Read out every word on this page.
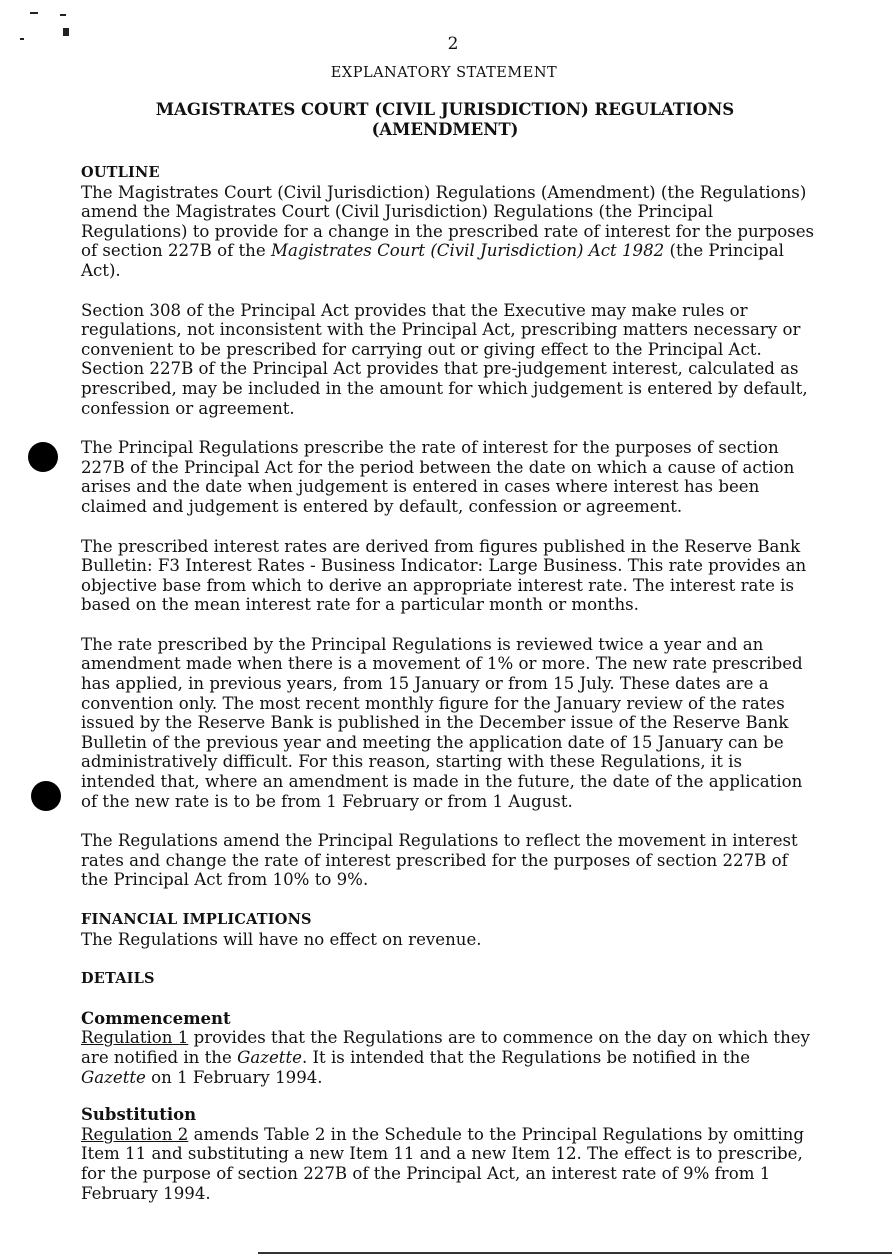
2
EXPLANATORY STATEMENT
MAGISTRATES COURT (CIVIL JURISDICTION) REGULATIONS
(AMENDMENT)
OUTLINE

The Magistrates Court (Civil Jurisdiction) Regulations (Amendment) (the Regulations) amend the Magistrates Court (Civil Jurisdiction) Regulations (the Principal Regulations) to provide for a change in the prescribed rate of interest for the purposes of section 227B of the Magistrates Court (Civil Jurisdiction) Act 1982 (the Principal Act).

Section 308 of the Principal Act provides that the Executive may make rules or regulations, not inconsistent with the Principal Act, prescribing matters necessary or convenient to be prescribed for carrying out or giving effect to the Principal Act. Section 227B of the Principal Act provides that pre-judgement interest, calculated as prescribed, may be included in the amount for which judgement is entered by default, confession or agreement.

The Principal Regulations prescribe the rate of interest for the purposes of section 227B of the Principal Act for the period between the date on which a cause of action arises and the date when judgement is entered in cases where interest has been claimed and judgement is entered by default, confession or agreement.

The prescribed interest rates are derived from figures published in the Reserve Bank Bulletin: F3 Interest Rates - Business Indicator: Large Business. This rate provides an objective base from which to derive an appropriate interest rate. The interest rate is based on the mean interest rate for a particular month or months.

The rate prescribed by the Principal Regulations is reviewed twice a year and an amendment made when there is a movement of 1% or more. The new rate prescribed has applied, in previous years, from 15 January or from 15 July. These dates are a convention only. The most recent monthly figure for the January review of the rates issued by the Reserve Bank is published in the December issue of the Reserve Bank Bulletin of the previous year and meeting the application date of 15 January can be administratively difficult. For this reason, starting with these Regulations, it is intended that, where an amendment is made in the future, the date of the application of the new rate is to be from 1 February or from 1 August.

The Regulations amend the Principal Regulations to reflect the movement in interest rates and change the rate of interest prescribed for the purposes of section 227B of the Principal Act from 10% to 9%.

FINANCIAL IMPLICATIONS

The Regulations will have no effect on revenue.

DETAILS
Commencement

Regulation 1 provides that the Regulations are to commence on the day on which they are notified in the Gazette. It is intended that the Regulations be notified in the Gazette on 1 February 1994.

Substitution

Regulation 2 amends Table 2 in the Schedule to the Principal Regulations by omitting Item 11 and substituting a new Item 11 and a new Item 12. The effect is to prescribe, for the purpose of section 227B of the Principal Act, an interest rate of 9% from 1 February 1994.
